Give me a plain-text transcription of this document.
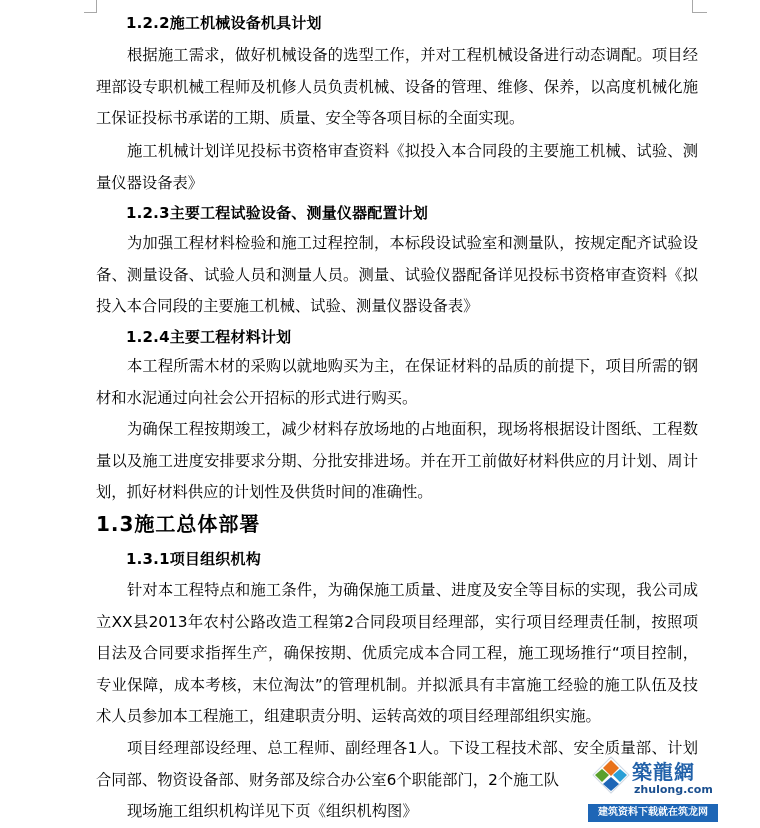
1.2.2施工机械设备机具计划

根据施工需求，做好机械设备的选型工作，并对工程机械设备进行动态调配。项目经理部设专职机械工程师及机修人员负责机械、设备的管理、维修、保养，以高度机械化施工保证投标书承诺的工期、质量、安全等各项目标的全面实现。

施工机械计划详见投标书资格审查资料《拟投入本合同段的主要施工机械、试验、测量仪器设备表》

1.2.3主要工程试验设备、测量仪器配置计划

为加强工程材料检验和施工过程控制，本标段设试验室和测量队，按规定配齐试验设备、测量设备、试验人员和测量人员。测量、试验仪器配备详见投标书资格审查资料《拟投入本合同段的主要施工机械、试验、测量仪器设备表》

1.2.4主要工程材料计划

本工程所需木材的采购以就地购买为主，在保证材料的品质的前提下，项目所需的钢材和水泥通过向社会公开招标的形式进行购买。

为确保工程按期竣工，减少材料存放场地的占地面积，现场将根据设计图纸、工程数量以及施工进度安排要求分期、分批安排进场。并在开工前做好材料供应的月计划、周计划，抓好材料供应的计划性及供货时间的准确性。

1.3施工总体部署
1.3.1项目组织机构

针对本工程特点和施工条件，为确保施工质量、进度及安全等目标的实现，我公司成立XX县2013年农村公路改造工程第2合同段项目经理部，实行项目经理责任制，按照项目法及合同要求指挥生产，确保按期、优质完成本合同工程，施工现场推行“项目控制，专业保障，成本考核，末位淘汰”的管理机制。并拟派具有丰富施工经验的施工队伍及技术人员参加本工程施工，组建职责分明、运转高效的项目经理部组织实施。

项目经理部设经理、总工程师、副经理各1人。下设工程技术部、安全质量部、计划合同部、物资设备部、财务部及综合办公室6个职能部门，2个施工队

现场施工组织机构详见下页《组织机构图》

築龍網
zhulong.com
建筑资料下载就在筑龙网
